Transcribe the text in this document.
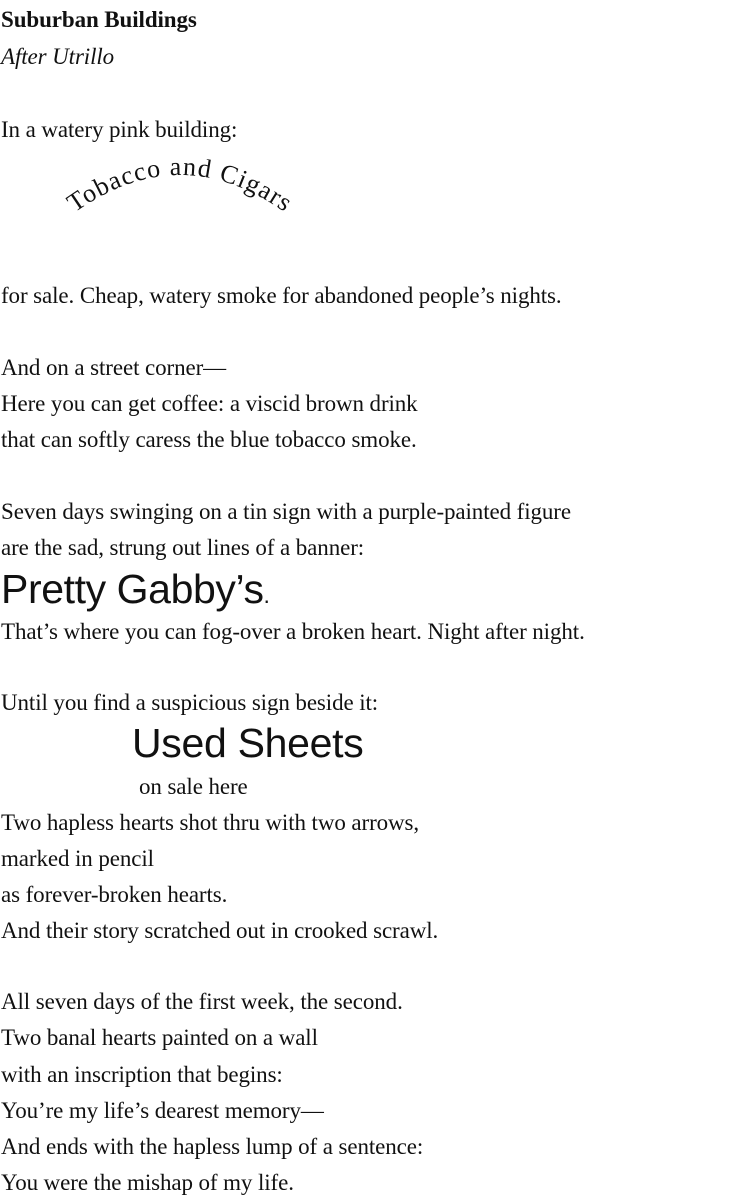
Suburban Buildings
After Utrillo
In a watery pink building:
Tobacco and Cigars
for sale. Cheap, watery smoke for abandoned people’s nights.
And on a street corner—
Here you can get coffee: a viscid brown drink
that can softly caress the blue tobacco smoke.
Seven days swinging on a tin sign with a purple-painted figure
are the sad, strung out lines of a banner:
Pretty Gabby’s.
That’s where you can fog-over a broken heart. Night after night.
Until you find a suspicious sign beside it:
Used Sheets
on sale here
Two hapless hearts shot thru with two arrows,
marked in pencil
as forever-broken hearts.
And their story scratched out in crooked scrawl.
All seven days of the first week, the second.
Two banal hearts painted on a wall
with an inscription that begins:
You’re my life’s dearest memory—
And ends with the hapless lump of a sentence:
You were the mishap of my life.
